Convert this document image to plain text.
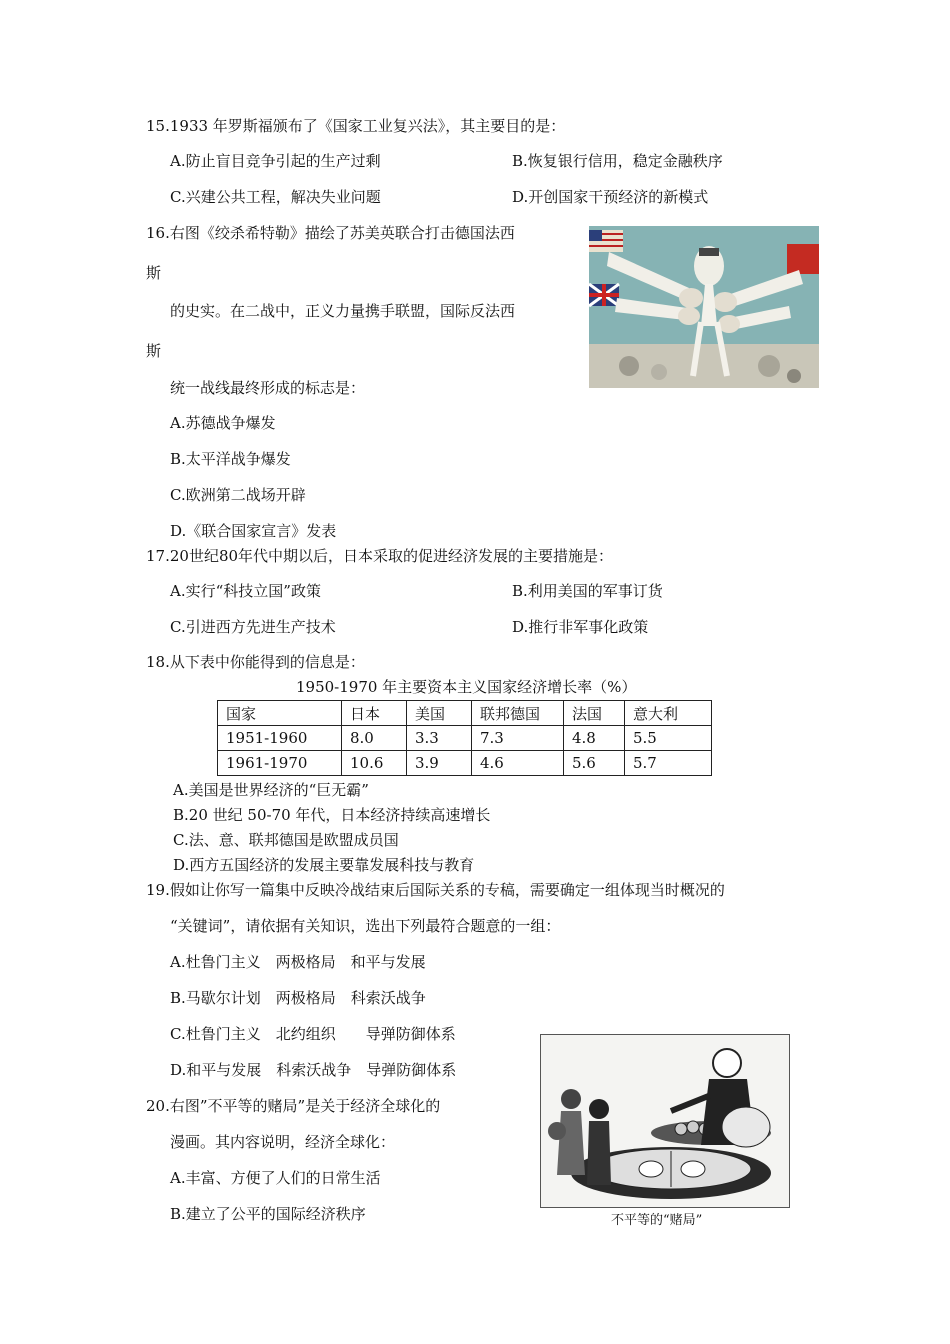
15.1933 年罗斯福颁布了《国家工业复兴法》，其主要目的是：
A.防止盲目竞争引起的生产过剩	B.恢复银行信用，稳定金融秩序
C.兴建公共工程，解决失业问题	D.开创国家干预经济的新模式
16.右图《绞杀希特勒》描绘了苏美英联合打击德国法西
斯
的史实。在二战中，正义力量携手联盟，国际反法西
斯
统一战线最终形成的标志是：
A.苏德战争爆发
B.太平洋战争爆发
C.欧洲第二战场开辟
D.《联合国家宣言》发表
17.20世纪80年代中期以后，日本采取的促进经济发展的主要措施是：
A.实行“科技立国”政策	B.利用美国的军事订货
C.引进西方先进生产技术	D.推行非军事化政策
18.从下表中你能得到的信息是：
1950-1970 年主要资本主义国家经济增长率（%）
国家	日本	美国	联邦德国	法国	意大利
1951-1960	8.0	3.3	7.3	4.8	5.5
1961-1970	10.6	3.9	4.6	5.6	5.7
A.美国是世界经济的“巨无霸”
B.20 世纪 50-70 年代，日本经济持续高速增长
C.法、意、联邦德国是欧盟成员国
D.西方五国经济的发展主要靠发展科技与教育
19.假如让你写一篇集中反映冷战结束后国际关系的专稿，需要确定一组体现当时概况的
“关键词”，请依据有关知识，选出下列最符合题意的一组：
A.杜鲁门主义　两极格局　和平与发展
B.马歇尔计划　两极格局　科索沃战争
C.杜鲁门主义　北约组织　　导弹防御体系
D.和平与发展　科索沃战争　导弹防御体系
20.右图”不平等的赌局”是关于经济全球化的
漫画。其内容说明，经济全球化：
A.丰富、方便了人们的日常生活
B.建立了公平的国际经济秩序	不平等的“赌局”
